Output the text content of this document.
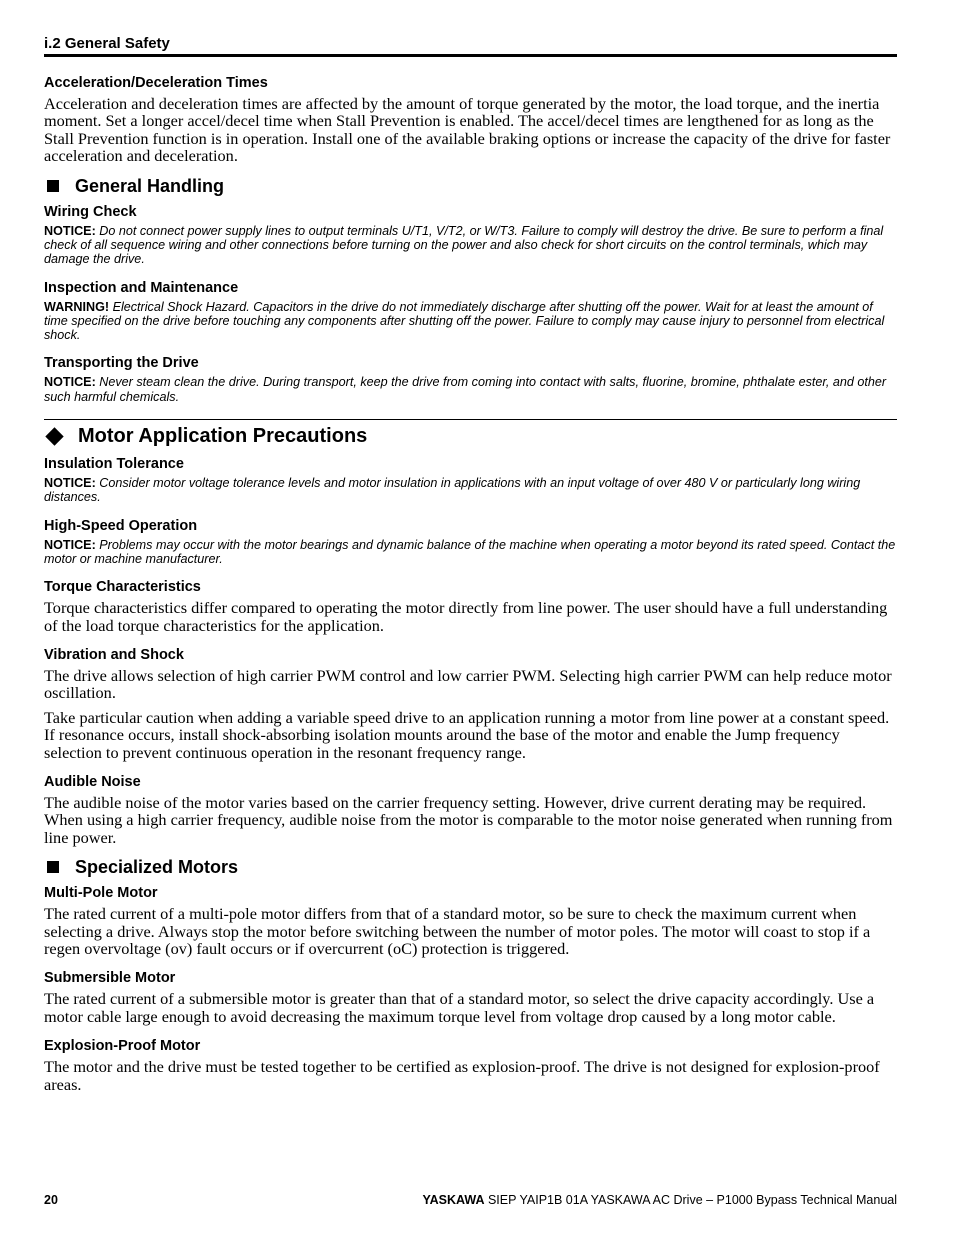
i.2 General Safety
Acceleration/Deceleration Times

Acceleration and deceleration times are affected by the amount of torque generated by the motor, the load torque, and the inertia moment. Set a longer accel/decel time when Stall Prevention is enabled. The accel/decel times are lengthened for as long as the Stall Prevention function is in operation. Install one of the available braking options or increase the capacity of the drive for faster acceleration and deceleration.

General Handling
Wiring Check

NOTICE: Do not connect power supply lines to output terminals U/T1, V/T2, or W/T3. Failure to comply will destroy the drive. Be sure to perform a final check of all sequence wiring and other connections before turning on the power and also check for short circuits on the control terminals, which may damage the drive.

Inspection and Maintenance

WARNING! Electrical Shock Hazard. Capacitors in the drive do not immediately discharge after shutting off the power. Wait for at least the amount of time specified on the drive before touching any components after shutting off the power. Failure to comply may cause injury to personnel from electrical shock.

Transporting the Drive

NOTICE: Never steam clean the drive. During transport, keep the drive from coming into contact with salts, fluorine, bromine, phthalate ester, and other such harmful chemicals.

Motor Application Precautions
Insulation Tolerance

NOTICE: Consider motor voltage tolerance levels and motor insulation in applications with an input voltage of over 480 V or particularly long wiring distances.

High-Speed Operation

NOTICE: Problems may occur with the motor bearings and dynamic balance of the machine when operating a motor beyond its rated speed. Contact the motor or machine manufacturer.

Torque Characteristics

Torque characteristics differ compared to operating the motor directly from line power. The user should have a full understanding of the load torque characteristics for the application.

Vibration and Shock

The drive allows selection of high carrier PWM control and low carrier PWM. Selecting high carrier PWM can help reduce motor oscillation.

Take particular caution when adding a variable speed drive to an application running a motor from line power at a constant speed. If resonance occurs, install shock-absorbing isolation mounts around the base of the motor and enable the Jump frequency selection to prevent continuous operation in the resonant frequency range.

Audible Noise

The audible noise of the motor varies based on the carrier frequency setting. However, drive current derating may be required. When using a high carrier frequency, audible noise from the motor is comparable to the motor noise generated when running from line power.

Specialized Motors
Multi-Pole Motor

The rated current of a multi-pole motor differs from that of a standard motor, so be sure to check the maximum current when selecting a drive. Always stop the motor before switching between the number of motor poles. The motor will coast to stop if a regen overvoltage (ov) fault occurs or if overcurrent (oC) protection is triggered.

Submersible Motor

The rated current of a submersible motor is greater than that of a standard motor, so select the drive capacity accordingly. Use a motor cable large enough to avoid decreasing the maximum torque level from voltage drop caused by a long motor cable.

Explosion-Proof Motor

The motor and the drive must be tested together to be certified as explosion-proof. The drive is not designed for explosion-proof areas.

20	YASKAWA SIEP YAIP1B 01A YASKAWA AC Drive – P1000 Bypass Technical Manual
